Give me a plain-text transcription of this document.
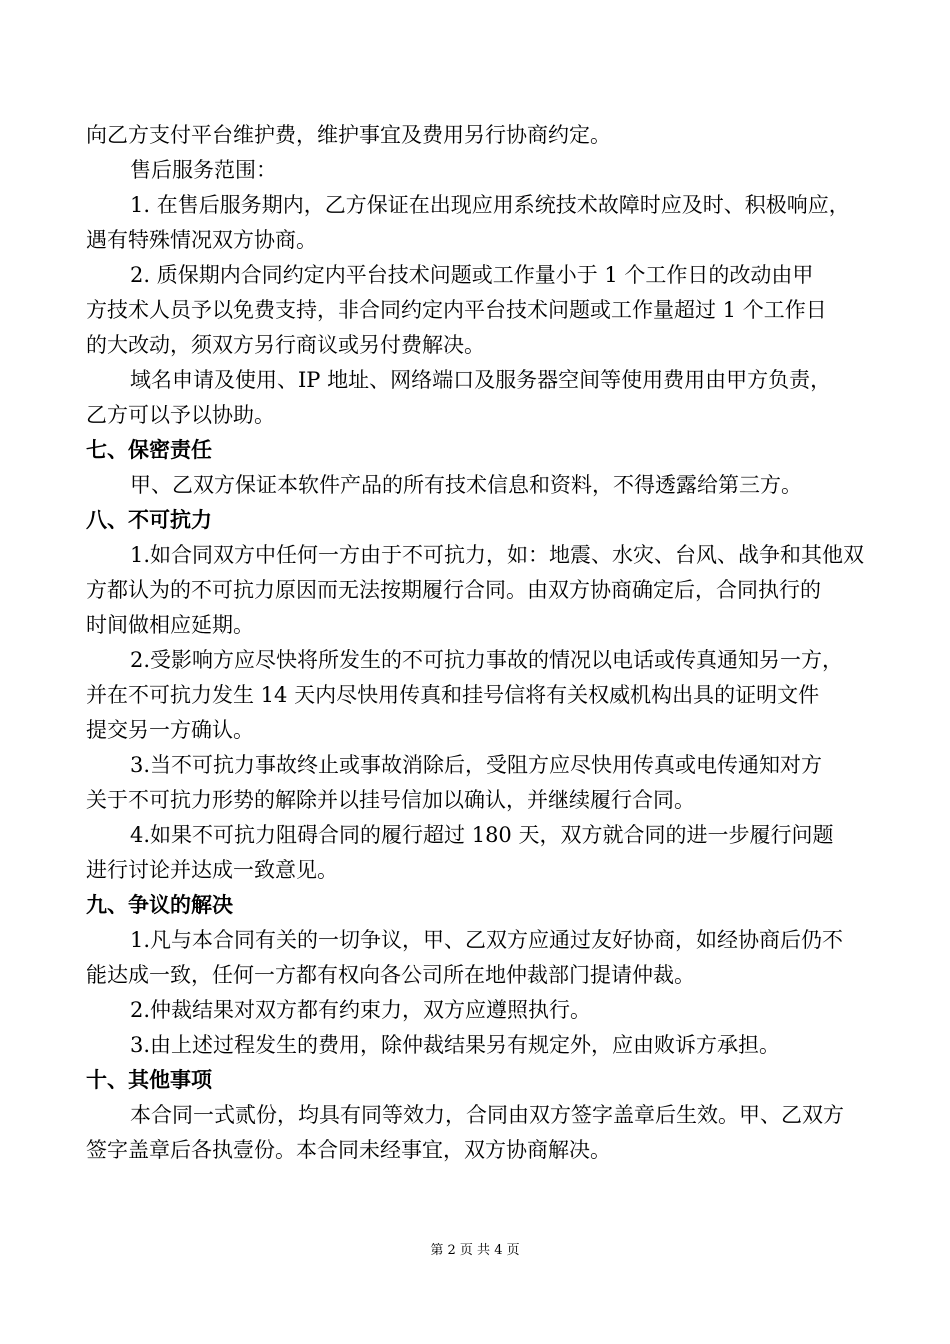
向乙方支付平台维护费，维护事宜及费用另行协商约定。
售后服务范围：
1. 在售后服务期内，乙方保证在出现应用系统技术故障时应及时、积极响应，
遇有特殊情况双方协商。
2. 质保期内合同约定内平台技术问题或工作量小于 1 个工作日的改动由甲
方技术人员予以免费支持，非合同约定内平台技术问题或工作量超过 1 个工作日
的大改动，须双方另行商议或另付费解决。
域名申请及使用、IP 地址、网络端口及服务器空间等使用费用由甲方负责，
乙方可以予以协助。
七、保密责任
甲、乙双方保证本软件产品的所有技术信息和资料，不得透露给第三方。
八、不可抗力
1.如合同双方中任何一方由于不可抗力，如：地震、水灾、台风、战争和其他双
方都认为的不可抗力原因而无法按期履行合同。由双方协商确定后，合同执行的
时间做相应延期。
2.受影响方应尽快将所发生的不可抗力事故的情况以电话或传真通知另一方，
并在不可抗力发生 14 天内尽快用传真和挂号信将有关权威机构出具的证明文件
提交另一方确认。
3.当不可抗力事故终止或事故消除后，受阻方应尽快用传真或电传通知对方
关于不可抗力形势的解除并以挂号信加以确认，并继续履行合同。
4.如果不可抗力阻碍合同的履行超过 180 天，双方就合同的进一步履行问题
进行讨论并达成一致意见。
九、争议的解决
1.凡与本合同有关的一切争议，甲、乙双方应通过友好协商，如经协商后仍不
能达成一致，任何一方都有权向各公司所在地仲裁部门提请仲裁。
2.仲裁结果对双方都有约束力，双方应遵照执行。
3.由上述过程发生的费用，除仲裁结果另有规定外，应由败诉方承担。
十、其他事项
本合同一式贰份，均具有同等效力，合同由双方签字盖章后生效。甲、乙双方
签字盖章后各执壹份。本合同未经事宜，双方协商解决。
第 2 页 共 4 页
